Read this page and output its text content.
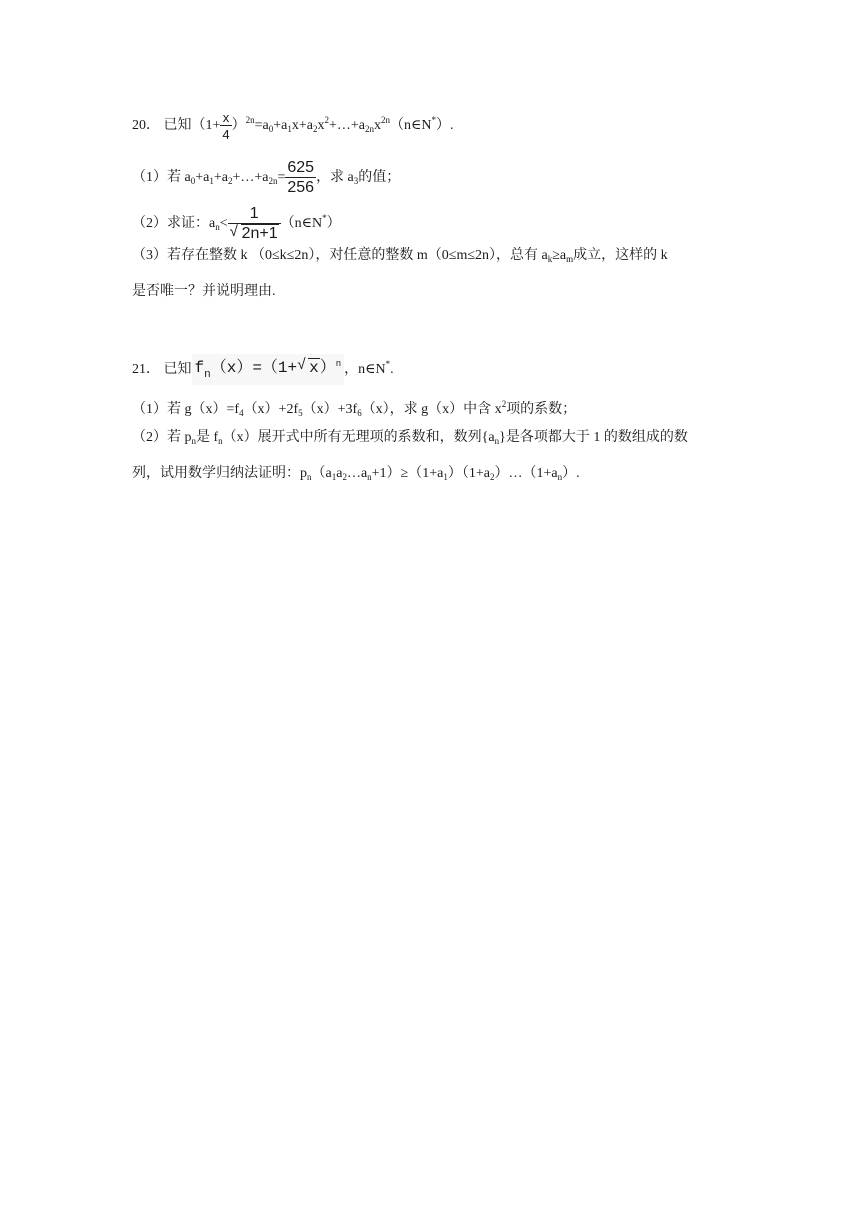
20． 已知（$1+ \frac{x}{4}$ ）$^{2n}=a_0+a_1x+a_2x^2+\dots+a_{2n}x^{2n}(n\in N^*)$.
（1）若 $a_0+a_1+a_2+\dots+a_{2n}= \frac{625}{256}$ ，求 $a_3$的值；
（2）求证：$a_n< \frac{1}{√ 2n+1}$ （n∈N*）
（3）若存在整数 k （0≤k≤2n），对任意的整数 m（0≤m≤2n），总有 $a_k\ge a_m$成立，这样的 k
是否唯一？并说明理由.
21． 已知 $f_n(x)=(1+$ √ x）$^n$ ，n∈N*.
（1）若 $g(x)=f_4(x)+2f_5(x)+3f_6(x)$，求 g（x）中含 $x^2$项的系数；
（2）若 $p_n$是 $f_n(x)$展开式中所有无理项的系数和，数列$\{a_n\}$是各项都大于 1 的数组成的数
列，试用数学归纳法证明：$p_n(a_1a_2\dots a_n+1)\ge(1+a_1)(1+a_2)\dots(1+a_n)$.
